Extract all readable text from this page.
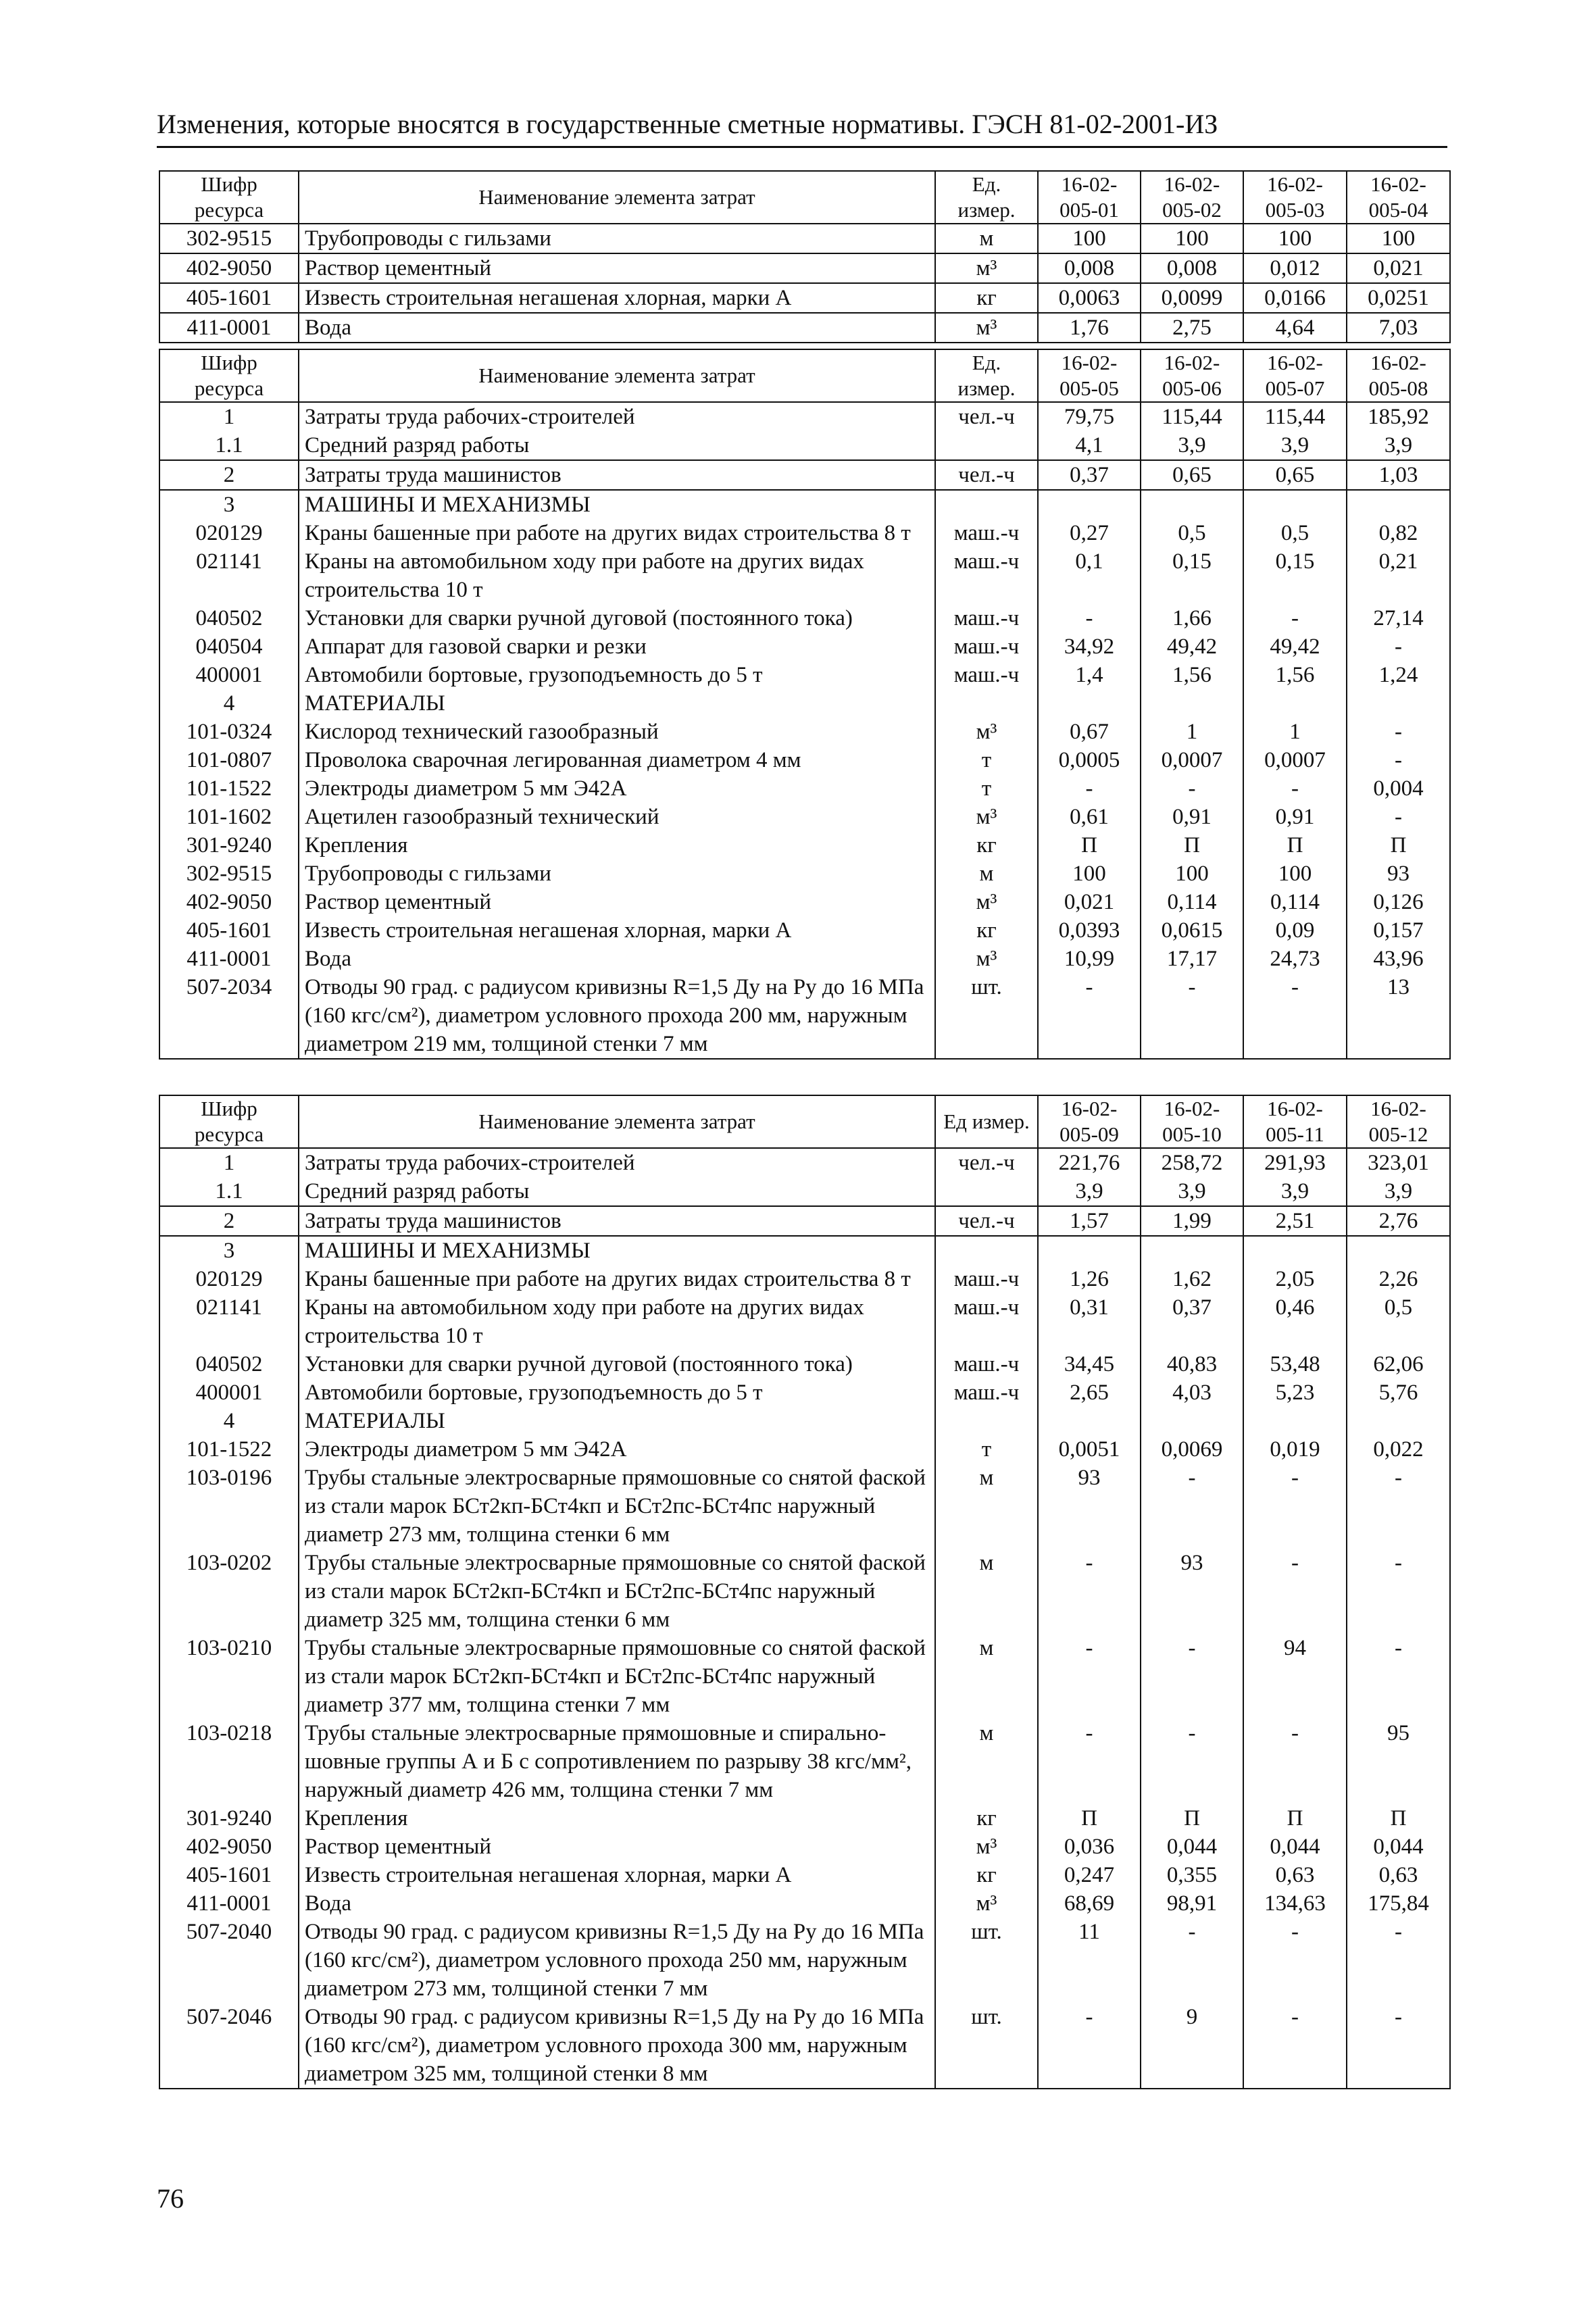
Изменения, которые вносятся в государственные сметные нормативы. ГЭСН 81-02-2001-ИЗ
Шифр ресурса	Наименование элемента затрат	Ед. измер.	16-02-005-01	16-02-005-02	16-02-005-03	16-02-005-04
302-9515	Трубопроводы с гильзами	м	100	100	100	100
402-9050	Раствор цементный	м³	0,008	0,008	0,012	0,021
405-1601	Известь строительная негашеная хлорная, марки А	кг	0,0063	0,0099	0,0166	0,0251
411-0001	Вода	м³	1,76	2,75	4,64	7,03
Шифр ресурса	Наименование элемента затрат	Ед. измер.	16-02-005-05	16-02-005-06	16-02-005-07	16-02-005-08
1	Затраты труда рабочих-строителей	чел.-ч	79,75	115,44	115,44	185,92
1.1	Средний разряд работы		4,1	3,9	3,9	3,9
2	Затраты труда машинистов	чел.-ч	0,37	0,65	0,65	1,03
3	МАШИНЫ И МЕХАНИЗМЫ					
020129	Краны башенные при работе на других видах строительства 8 т	маш.-ч	0,27	0,5	0,5	0,82
021141	Краны на автомобильном ходу при работе на других видах строительства 10 т	маш.-ч	0,1	0,15	0,15	0,21
040502	Установки для сварки ручной дуговой (постоянного тока)	маш.-ч	-	1,66	-	27,14
040504	Аппарат для газовой сварки и резки	маш.-ч	34,92	49,42	49,42	-
400001	Автомобили бортовые, грузоподъемность до 5 т	маш.-ч	1,4	1,56	1,56	1,24
4	МАТЕРИАЛЫ					
101-0324	Кислород технический газообразный	м³	0,67	1	1	-
101-0807	Проволока сварочная легированная диаметром 4 мм	т	0,0005	0,0007	0,0007	-
101-1522	Электроды диаметром 5 мм Э42А	т	-	-	-	0,004
101-1602	Ацетилен газообразный технический	м³	0,61	0,91	0,91	-
301-9240	Крепления	кг	П	П	П	П
302-9515	Трубопроводы с гильзами	м	100	100	100	93
402-9050	Раствор цементный	м³	0,021	0,114	0,114	0,126
405-1601	Известь строительная негашеная хлорная, марки А	кг	0,0393	0,0615	0,09	0,157
411-0001	Вода	м³	10,99	17,17	24,73	43,96
507-2034	Отводы 90 град. с радиусом кривизны R=1,5 Ду на Ру до 16 МПа (160 кгс/см²), диаметром условного прохода 200 мм, наружным диаметром 219 мм, толщиной стенки 7 мм	шт.	-	-	-	13
Шифр ресурса	Наименование элемента затрат	Ед измер.	16-02-005-09	16-02-005-10	16-02-005-11	16-02-005-12
1	Затраты труда рабочих-строителей	чел.-ч	221,76	258,72	291,93	323,01
1.1	Средний разряд работы		3,9	3,9	3,9	3,9
2	Затраты труда машинистов	чел.-ч	1,57	1,99	2,51	2,76
3	МАШИНЫ И МЕХАНИЗМЫ					
020129	Краны башенные при работе на других видах строительства 8 т	маш.-ч	1,26	1,62	2,05	2,26
021141	Краны на автомобильном ходу при работе на других видах строительства 10 т	маш.-ч	0,31	0,37	0,46	0,5
040502	Установки для сварки ручной дуговой (постоянного тока)	маш.-ч	34,45	40,83	53,48	62,06
400001	Автомобили бортовые, грузоподъемность до 5 т	маш.-ч	2,65	4,03	5,23	5,76
4	МАТЕРИАЛЫ					
101-1522	Электроды диаметром 5 мм Э42А	т	0,0051	0,0069	0,019	0,022
103-0196	Трубы стальные электросварные прямошовные со снятой фаской из стали марок БСт2кп-БСт4кп и БСт2пс-БСт4пс наружный диаметр 273 мм, толщина стенки 6 мм	м	93	-	-	-
103-0202	Трубы стальные электросварные прямошовные со снятой фаской из стали марок БСт2кп-БСт4кп и БСт2пс-БСт4пс наружный диаметр 325 мм, толщина стенки 6 мм	м	-	93	-	-
103-0210	Трубы стальные электросварные прямошовные со снятой фаской из стали марок БСт2кп-БСт4кп и БСт2пс-БСт4пс наружный диаметр 377 мм, толщина стенки 7 мм	м	-	-	94	-
103-0218	Трубы стальные электросварные прямошовные и спирально-шовные группы А и Б с сопротивлением по разрыву 38 кгс/мм², наружный диаметр 426 мм, толщина стенки 7 мм	м	-	-	-	95
301-9240	Крепления	кг	П	П	П	П
402-9050	Раствор цементный	м³	0,036	0,044	0,044	0,044
405-1601	Известь строительная негашеная хлорная, марки А	кг	0,247	0,355	0,63	0,63
411-0001	Вода	м³	68,69	98,91	134,63	175,84
507-2040	Отводы 90 град. с радиусом кривизны R=1,5 Ду на Ру до 16 МПа (160 кгс/см²), диаметром условного прохода 250 мм, наружным диаметром 273 мм, толщиной стенки 7 мм	шт.	11	-	-	-
507-2046	Отводы 90 град. с радиусом кривизны R=1,5 Ду на Ру до 16 МПа (160 кгс/см²), диаметром условного прохода 300 мм, наружным диаметром 325 мм, толщиной стенки 8 мм	шт.	-	9	-	-
76
